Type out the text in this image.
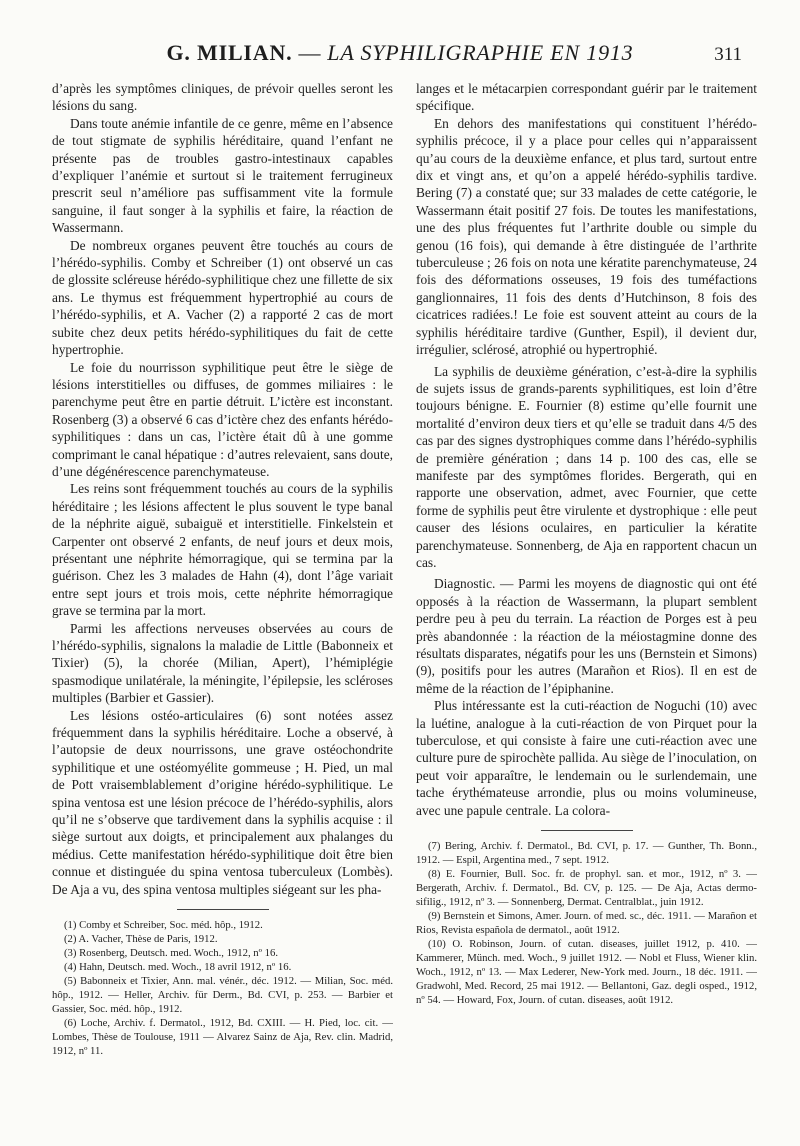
G. MILIAN. — LA SYPHILIGRAPHIE EN 1913	311

d’après les symptômes cliniques, de prévoir quelles seront les lésions du sang.

Dans toute anémie infantile de ce genre, même en l’absence de tout stigmate de syphilis héréditaire, quand l’enfant ne présente pas de troubles gastro-intestinaux capables d’expliquer l’anémie et surtout si le traitement ferrugineux prescrit seul n’améliore pas suffisamment vite la formule sanguine, il faut songer à la syphilis et faire, la réaction de Wassermann.

De nombreux organes peuvent être touchés au cours de l’hérédo-syphilis. Comby et Schreiber (1) ont observé un cas de glossite scléreuse hérédo-syphilitique chez une fillette de six ans. Le thymus est fréquemment hypertrophié au cours de l’hérédo-syphilis, et A. Vacher (2) a rapporté 2 cas de mort subite chez deux petits hérédo-syphilitiques du fait de cette hypertrophie.

Le foie du nourrisson syphilitique peut être le siège de lésions interstitielles ou diffuses, de gommes miliaires : le parenchyme peut être en partie détruit. L’ictère est inconstant. Rosenberg (3) a observé 6 cas d’ictère chez des enfants hérédo-syphilitiques : dans un cas, l’ictère était dû à une gomme comprimant le canal hépatique : d’autres relevaient, sans doute, d’une dégénérescence parenchymateuse.

Les reins sont fréquemment touchés au cours de la syphilis héréditaire ; les lésions affectent le plus souvent le type banal de la néphrite aiguë, subaiguë et interstitielle. Finkelstein et Carpenter ont observé 2 enfants, de neuf jours et deux mois, présentant une néphrite hémorragique, qui se termina par la guérison. Chez les 3 malades de Hahn (4), dont l’âge variait entre sept jours et trois mois, cette néphrite hémorragique grave se termina par la mort.

Parmi les affections nerveuses observées au cours de l’hérédo-syphilis, signalons la maladie de Little (Babonneix et Tixier) (5), la chorée (Milian, Apert), l’hémiplégie spasmodique unilatérale, la méningite, l’épilepsie, les scléroses multiples (Barbier et Gassier).

Les lésions ostéo-articulaires (6) sont notées assez fréquemment dans la syphilis héréditaire. Loche a observé, à l’autopsie de deux nourrissons, une grave ostéochondrite syphilitique et une ostéomyélite gommeuse ; H. Pied, un mal de Pott vraisemblablement d’origine hérédo-syphilitique. Le spina ventosa est une lésion précoce de l’hérédo-syphilis, alors qu’il ne s’observe que tardivement dans la syphilis acquise : il siège surtout aux doigts, et principalement aux phalanges du médius. Cette manifestation hérédo-syphilitique doit être bien connue et distinguée du spina ventosa tuberculeux (Lombès). De Aja a vu, des spina ventosa multiples siégeant sur les pha-

(1) Comby et Schreiber, Soc. méd. hôp., 1912.

(2) A. Vacher, Thèse de Paris, 1912.

(3) Rosenberg, Deutsch. med. Woch., 1912, nº 16.

(4) Hahn, Deutsch. med. Woch., 18 avril 1912, nº 16.

(5) Babonneix et Tixier, Ann. mal. vénér., déc. 1912. — Milian, Soc. méd. hôp., 1912. — Heller, Archiv. für Derm., Bd. CVI, p. 253. — Barbier et Gassier, Soc. méd. hôp., 1912.

(6) Loche, Archiv. f. Dermatol., 1912, Bd. CXIII. — H. Pied, loc. cit. — Lombes, Thèse de Toulouse, 1911 — Alvarez Sainz de Aja, Rev. clin. Madrid, 1912, nº 11.

langes et le métacarpien correspondant guérir par le traitement spécifique.

En dehors des manifestations qui constituent l’hérédo-syphilis précoce, il y a place pour celles qui n’apparaissent qu’au cours de la deuxième enfance, et plus tard, surtout entre dix et vingt ans, et qu’on a appelé hérédo-syphilis tardive. Bering (7) a constaté que; sur 33 malades de cette catégorie, le Wassermann était positif 27 fois. De toutes les manifestations, une des plus fréquentes fut l’arthrite double ou simple du genou (16 fois), qui demande à être distinguée de l’arthrite tuberculeuse ; 26 fois on nota une kératite parenchymateuse, 24 fois des déformations osseuses, 19 fois des tuméfactions ganglionnaires, 11 fois des dents d’Hutchinson, 8 fois des cicatrices radiées.! Le foie est souvent atteint au cours de la syphilis héréditaire tardive (Gunther, Espil), il devient dur, irrégulier, sclérosé, atrophié ou hypertrophié.

La syphilis de deuxième génération, c’est-à-dire la syphilis de sujets issus de grands-parents syphilitiques, est loin d’être toujours bénigne. E. Fournier (8) estime qu’elle fournit une mortalité d’environ deux tiers et qu’elle se traduit dans 4/5 des cas par des signes dystrophiques comme dans l’hérédo-syphilis de première génération ; dans 14 p. 100 des cas, elle se manifeste par des symptômes florides. Bergerath, qui en rapporte une observation, admet, avec Fournier, que cette forme de syphilis peut être virulente et dystrophique : elle peut causer des lésions oculaires, en particulier la kératite parenchymateuse. Sonnenberg, de Aja en rapportent chacun un cas.

Diagnostic. — Parmi les moyens de diagnostic qui ont été opposés à la réaction de Wassermann, la plupart semblent perdre peu à peu du terrain. La réaction de Porges est à peu près abandonnée : la réaction de la méiostagmine donne des résultats disparates, négatifs pour les uns (Bernstein et Simons) (9), positifs pour les autres (Marañon et Rios). Il en est de même de la réaction de l’épiphanine.

Plus intéressante est la cuti-réaction de Noguchi (10) avec la luétine, analogue à la cuti-réaction de von Pirquet pour la tuberculose, et qui consiste à faire une cuti-réaction avec une culture pure de spirochète pallida. Au siège de l’inoculation, on peut voir apparaître, le lendemain ou le surlendemain, une tache érythémateuse arrondie, plus ou moins volumineuse, avec une papule centrale. La colora-

(7) Bering, Archiv. f. Dermatol., Bd. CVI, p. 17. — Gunther, Th. Bonn., 1912. — Espil, Argentina med., 7 sept. 1912.

(8) E. Fournier, Bull. Soc. fr. de prophyl. san. et mor., 1912, nº 3. — Bergerath, Archiv. f. Dermatol., Bd. CV, p. 125. — De Aja, Actas dermo-sifilig., 1912, nº 3. — Sonnenberg, Dermat. Centralblat., juin 1912.

(9) Bernstein et Simons, Amer. Journ. of med. sc., déc. 1911. — Marañon et Rios, Revista española de dermatol., août 1912.

(10) O. Robinson, Journ. of cutan. diseases, juillet 1912, p. 410. — Kammerer, Münch. med. Woch., 9 juillet 1912. — Nobl et Fluss, Wiener klin. Woch., 1912, nº 13. — Max Lederer, New-York med. Journ., 18 déc. 1911. — Gradwohl, Med. Record, 25 mai 1912. — Bellantoni, Gaz. degli osped., 1912, nº 54. — Howard, Fox, Journ. of cutan. diseases, août 1912.
